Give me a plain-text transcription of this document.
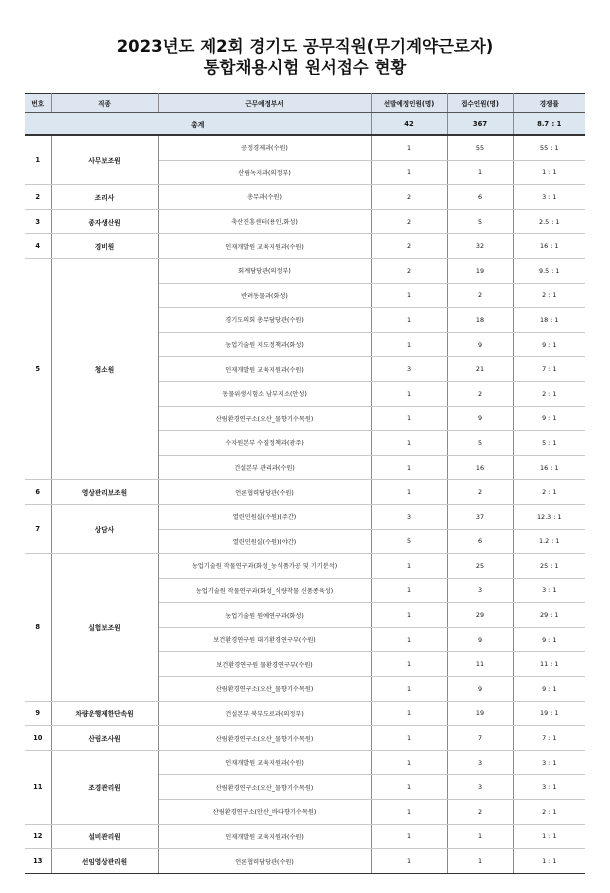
2023년도 제2회 경기도 공무직원(무기계약근로자)
통합채용시험 원서접수 현황
번호	직종	근무예정부서	선발예정인원(명)	접수인원(명)	경쟁률
총계			42	367	8.7 : 1
1	사무보조원	공정경제과(수원)	1	55	55 : 1
		산림녹지과(의정부)	1	1	1 : 1
2	조리사	총무과(수원)	2	6	3 : 1
3	종자생산원	축산진흥센터(용인,화성)	2	5	2.5 : 1
4	경비원	인재개발원 교육지원과(수원)	2	32	16 : 1
5	청소원	회계담당관(의정부)	2	19	9.5 : 1
		반려동물과(화성)	1	2	2 : 1
		경기도의회 총무담당관(수원)	1	18	18 : 1
		농업기술원 지도정책과(화성)	1	9	9 : 1
		인재개발원 교육지원과(수원)	3	21	7 : 1
		동물위생시험소 남부지소(안성)	1	2	2 : 1
		산림환경연구소(오산_물향기수목원)	1	9	9 : 1
		수자원본부 수질정책과(광주)	1	5	5 : 1
		건설본부 관리과(수원)	1	16	16 : 1
6	영상관리보조원	언론협력담당관(수원)	1	2	2 : 1
7	상담사	열린민원실(수원)(주간)	3	37	12.3 : 1
		열린민원실(수원)(야간)	5	6	1.2 : 1
8	실험보조원	농업기술원 작물연구과(화성_농식품가공 및 기기분석)	1	25	25 : 1
		농업기술원 작물연구과(화성_식량작물 신품종육성)	1	3	3 : 1
		농업기술원 원예연구과(화성)	1	29	29 : 1
		보건환경연구원 대기환경연구부(수원)	1	9	9 : 1
		보건환경연구원 물환경연구부(수원)	1	11	11 : 1
		산림환경연구소(오산_물향기수목원)	1	9	9 : 1
9	차량운행제한단속원	건설본부 북부도로과(의정부)	1	19	19 : 1
10	산림조사원	산림환경연구소(오산_물향기수목원)	1	7	7 : 1
11	조경관리원	인재개발원 교육지원과(수원)	1	3	3 : 1
		산림환경연구소(오산_물향기수목원)	1	3	3 : 1
		산림환경연구소(안산_바다향기수목원)	1	2	2 : 1
12	설비관리원	인재개발원 교육지원과(수원)	1	1	1 : 1
13	선임영상관리원	언론협력담당관(수원)	1	1	1 : 1
